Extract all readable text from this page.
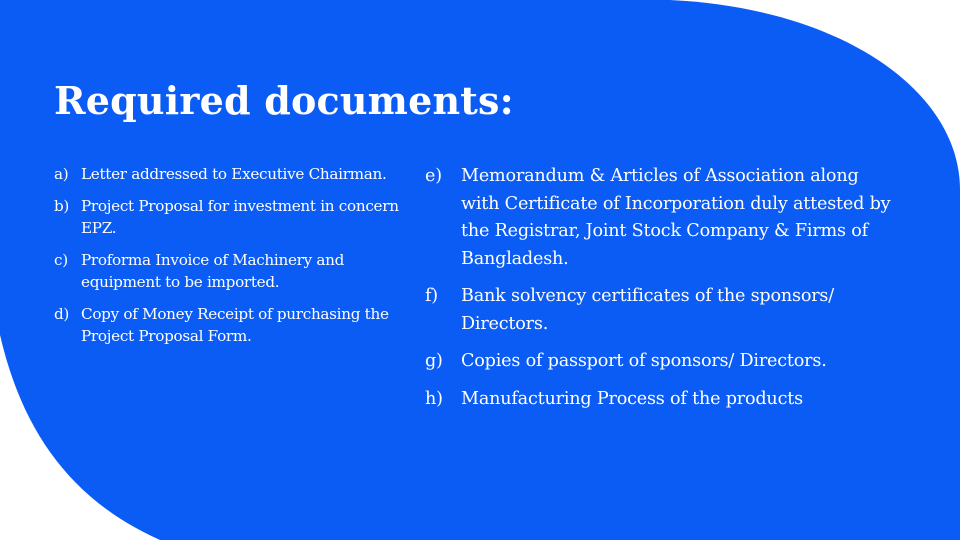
Required documents:
a) Letter addressed to Executive Chairman.
b) Project Proposal for investment in concern EPZ.
c) Proforma Invoice of Machinery and equipment to be imported.
d) Copy of Money Receipt of purchasing the Project Proposal Form.
e) Memorandum & Articles of Association along with Certificate of Incorporation duly attested by the Registrar, Joint Stock Company & Firms of Bangladesh.
f) Bank solvency certificates of the sponsors/ Directors.
g) Copies of passport of sponsors/ Directors.
h) Manufacturing Process of the products
